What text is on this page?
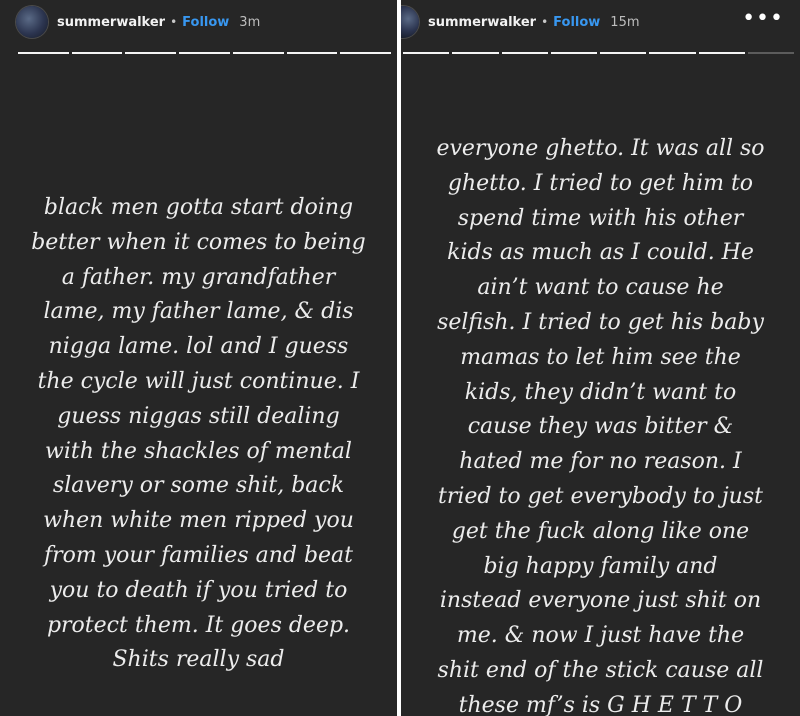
summerwalker • Follow 3m

black men gotta start doing
better when it comes to being
a father. my grandfather
lame, my father lame, & dis
nigga lame. lol and I guess
the cycle will just continue. I
guess niggas still dealing
with the shackles of mental
slavery or some shit, back
when white men ripped you
from your families and beat
you to death if you tried to
protect them. It goes deep.
Shits really sad

summerwalker • Follow 15m	•••

everyone ghetto. It was all so
ghetto. I tried to get him to
spend time with his other
kids as much as I could. He
ain’t want to cause he
selfish. I tried to get his baby
mamas to let him see the
kids, they didn’t want to
cause they was bitter &
hated me for no reason. I
tried to get everybody to just
get the fuck along like one
big happy family and
instead everyone just shit on
me. & now I just have the
shit end of the stick cause all
these mf’s is G H E T T O
